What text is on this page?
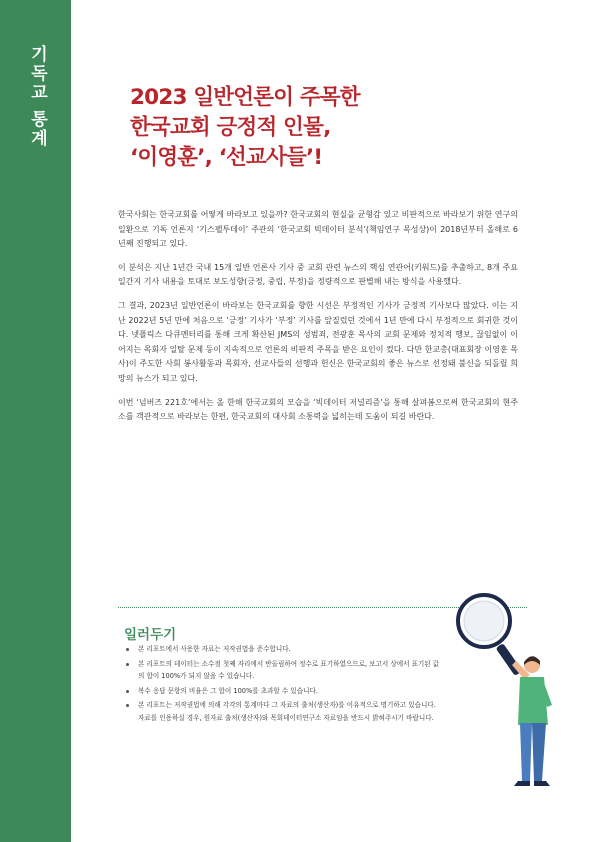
기독교 통계	2023 일반언론이 주목한
한국교회 긍정적 인물,
‘이영훈’, ‘선교사들’!

한국사회는 한국교회를 어떻게 바라보고 있을까? 한국교회의 현실을 균형감 있고 비판적으로 바라보기 위한 연구의 일환으로 기독 언론지 ‘기스펠투데이’ 주관의 ‘한국교회 빅데이터 분석’(책임연구 목성상)이 2018년부터 올해로 6년째 진행되고 있다.

이 분석은 지난 1년간 국내 15개 일반 언론사 기사 중 교회 관련 뉴스의 핵심 연관어(키워드)를 추출하고, 8개 주요 일간지 기사 내용을 토대로 보도성향(긍정, 중립, 부정)을 정량적으로 판별해 내는 방식을 사용했다.

그 결과, 2023년 일반언론이 바라보는 한국교회를 향한 시선은 부정적인 기사가 긍정적 기사보다 많았다. 이는 지난 2022년 5년 만에 처음으로 ‘긍정’ 기사가 ‘부정’ 기사를 앞질렀던 것에서 1년 만에 다시 부정적으로 회귀한 것이다. 넷플릭스 다큐멘터리를 통해 크게 확산된 JMS의 성범죄, 전광훈 목사의 교회 문제와 정치적 행보, 끊임없이 이어지는 목회자 일탈 문제 등이 지속적으로 언론의 비판적 주목을 받은 요인이 컸다. 다만 한교총(대표회장 이영훈 목사)이 주도한 사회 봉사활동과 목회자, 선교사들의 선행과 헌신은 한국교회의 좋은 뉴스로 선정돼 불신을 되돌릴 희망의 뉴스가 되고 있다.

이번 ‘넘버즈 221호’에서는 올 한해 한국교회의 모습을 ‘빅데이터 저널리즘’을 통해 살펴봄으로써 한국교회의 현주소를 객관적으로 바라보는 한편, 한국교회의 대사회 소통력을 넓히는데 도움이 되길 바란다.

일러두기
본 리포트에서 사용한 자료는 저작권법을 준수합니다.
본 리포트의 데이터는 소수점 첫째 자리에서 반올림하여 정수로 표기하였으므로, 보고서 상에서 표기된 값의 합이 100%가 되지 않을 수 있습니다.
복수 응답 문항의 비율은 그 합이 100%를 초과할 수 있습니다.
본 리포트는 저작권법에 의해 각각의 통계마다 그 자료의 출처(생산자)를 이유적으로 명기하고 있습니다. 자료를 인용하실 경우, 원자료 출처(생산자)와 목회데이터연구소 자료임을 반드시 밝혀주시기 바랍니다.
